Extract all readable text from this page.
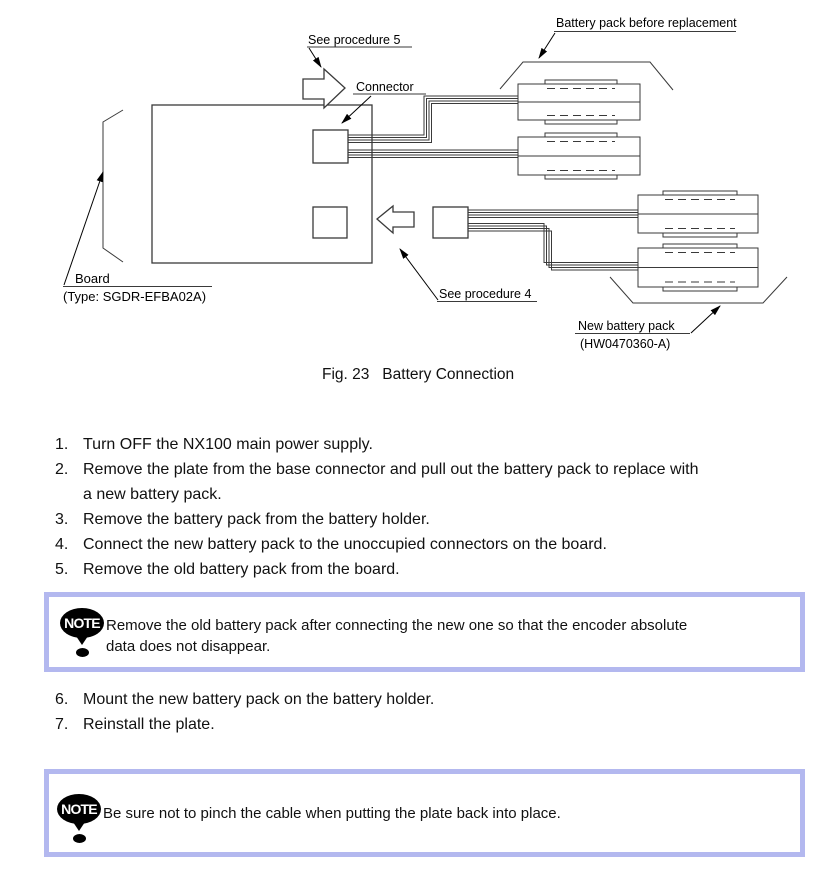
See procedure 5
Connector
Battery pack before replacement
Board
(Type: SGDR-EFBA02A)	See procedure 4
New battery pack
(HW0470360-A)
Fig. 23   Battery Connection
1. Turn OFF the NX100 main power supply.
2. Remove the plate from the base connector and pull out the battery pack to replace with
a new battery pack.
3. Remove the battery pack from the battery holder.
4. Connect the new battery pack to the unoccupied connectors on the board.
5. Remove the old battery pack from the board.
NOTE Remove the old battery pack after connecting the new one so that the encoder absolute
data does not disappear.
6. Mount the new battery pack on the battery holder.
7. Reinstall the plate.
NOTE Be sure not to pinch the cable when putting the plate back into place.
